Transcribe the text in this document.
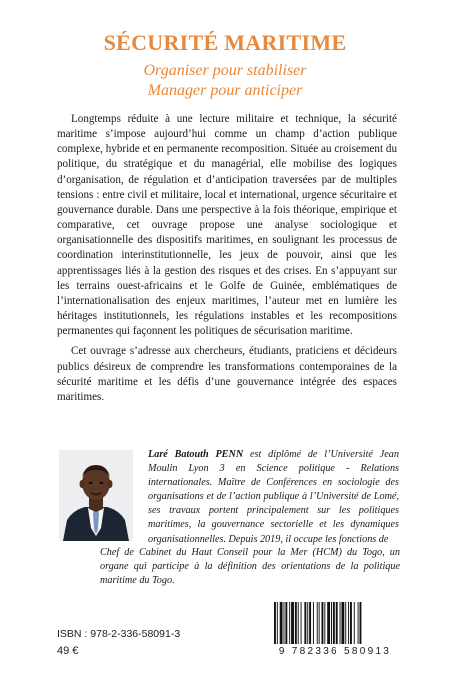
SÉCURITÉ MARITIME
Organiser pour stabiliser
Manager pour anticiper

Longtemps réduite à une lecture militaire et technique, la sécurité maritime s’impose aujourd’hui comme un champ d’action publique complexe, hybride et en permanente recomposition. Située au croisement du politique, du stratégique et du managérial, elle mobilise des logiques d’organisation, de régulation et d’anticipation traversées par de multiples tensions : entre civil et militaire, local et international, urgence sécuritaire et gouvernance durable. Dans une perspective à la fois théorique, empirique et comparative, cet ouvrage propose une analyse sociologique et organisationnelle des dispositifs maritimes, en soulignant les processus de coordination interinstitutionnelle, les jeux de pouvoir, ainsi que les apprentissages liés à la gestion des risques et des crises. En s’appuyant sur les terrains ouest-africains et le Golfe de Guinée, emblématiques de l’internationalisation des enjeux maritimes, l’auteur met en lumière les héritages institutionnels, les régulations instables et les recompositions permanentes qui façonnent les politiques de sécurisation maritime.

Cet ouvrage s’adresse aux chercheurs, étudiants, praticiens et décideurs publics désireux de comprendre les transformations contemporaines de la sécurité maritime et les défis d’une gouvernance intégrée des espaces maritimes.

Laré Batouth PENN est diplômé de l’Université Jean Moulin Lyon 3 en Science politique - Relations internationales. Maître de Conférences en sociologie des organisations et de l’action publique à l’Université de Lomé, ses travaux portent principalement sur les politiques maritimes, la gouvernance sectorielle et les dynamiques organisationnelles. Depuis 2019, il occupe les fonctions de
Chef de Cabinet du Haut Conseil pour la Mer (HCM) du Togo, un organe qui participe à la définition des orientations de la politique maritime du Togo.
ISBN : 978-2-336-58091-3
49 €	9 782336 580913
